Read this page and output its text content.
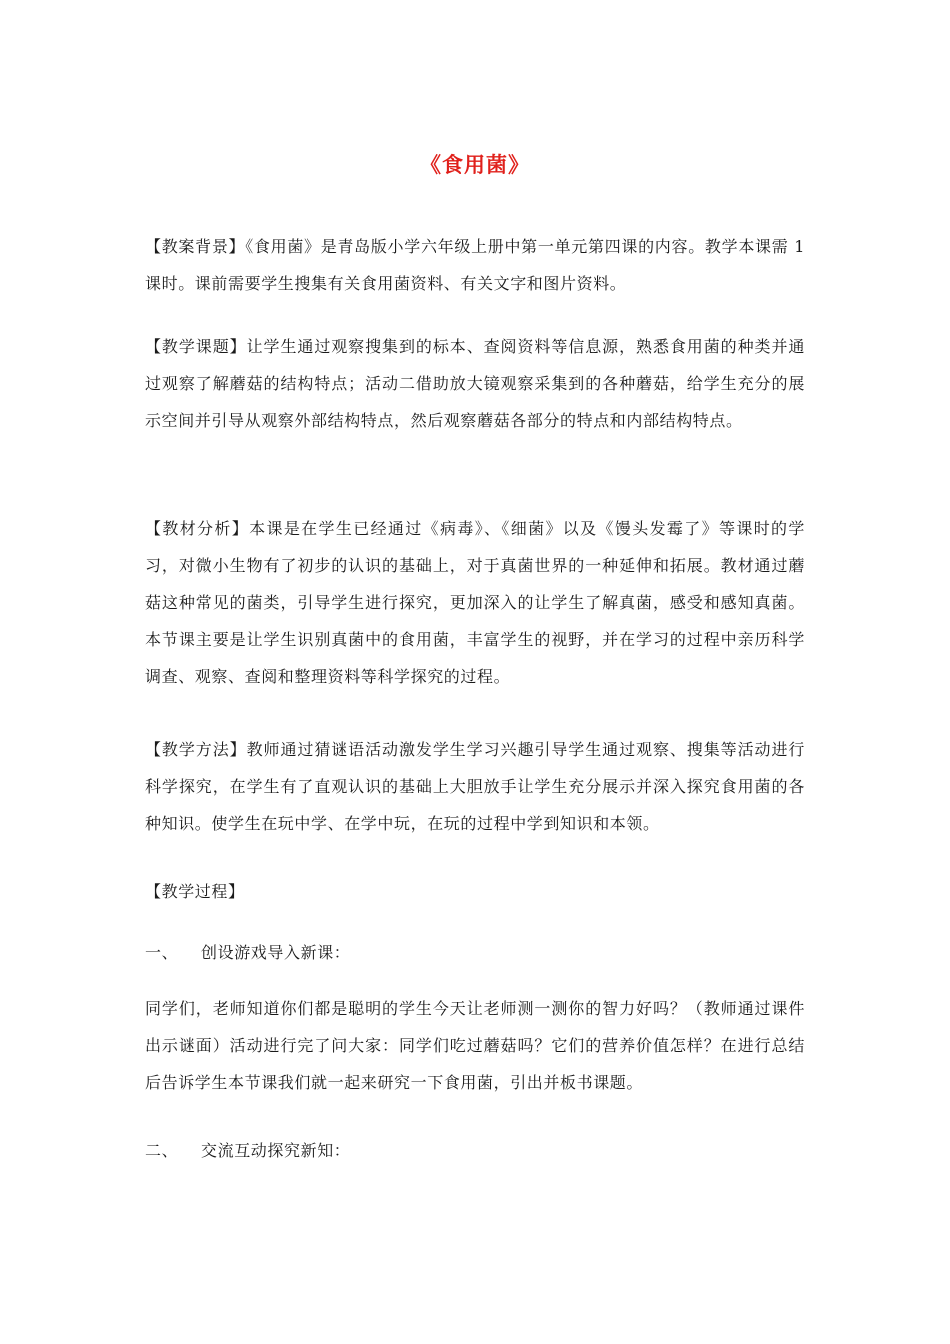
《食用菌》

【教案背景】《食用菌》是青岛版小学六年级上册中第一单元第四课的内容。教学本课需 1 课时。课前需要学生搜集有关食用菌资料、有关文字和图片资料。

【教学课题】让学生通过观察搜集到的标本、查阅资料等信息源，熟悉食用菌的种类并通过观察了解蘑菇的结构特点；活动二借助放大镜观察采集到的各种蘑菇，给学生充分的展示空间并引导从观察外部结构特点，然后观察蘑菇各部分的特点和内部结构特点。

【教材分析】本课是在学生已经通过《病毒》、《细菌》以及《馒头发霉了》等课时的学习，对微小生物有了初步的认识的基础上，对于真菌世界的一种延伸和拓展。教材通过蘑菇这种常见的菌类，引导学生进行探究，更加深入的让学生了解真菌，感受和感知真菌。本节课主要是让学生识别真菌中的食用菌，丰富学生的视野，并在学习的过程中亲历科学调查、观察、查阅和整理资料等科学探究的过程。

【教学方法】教师通过猜谜语活动激发学生学习兴趣引导学生通过观察、搜集等活动进行科学探究，在学生有了直观认识的基础上大胆放手让学生充分展示并深入探究食用菌的各种知识。使学生在玩中学、在学中玩，在玩的过程中学到知识和本领。

【教学过程】
一、 创设游戏导入新课：

同学们，老师知道你们都是聪明的学生今天让老师测一测你的智力好吗？（教师通过课件出示谜面）活动进行完了问大家：同学们吃过蘑菇吗？它们的营养价值怎样？在进行总结后告诉学生本节课我们就一起来研究一下食用菌，引出并板书课题。

二、 交流互动探究新知：
